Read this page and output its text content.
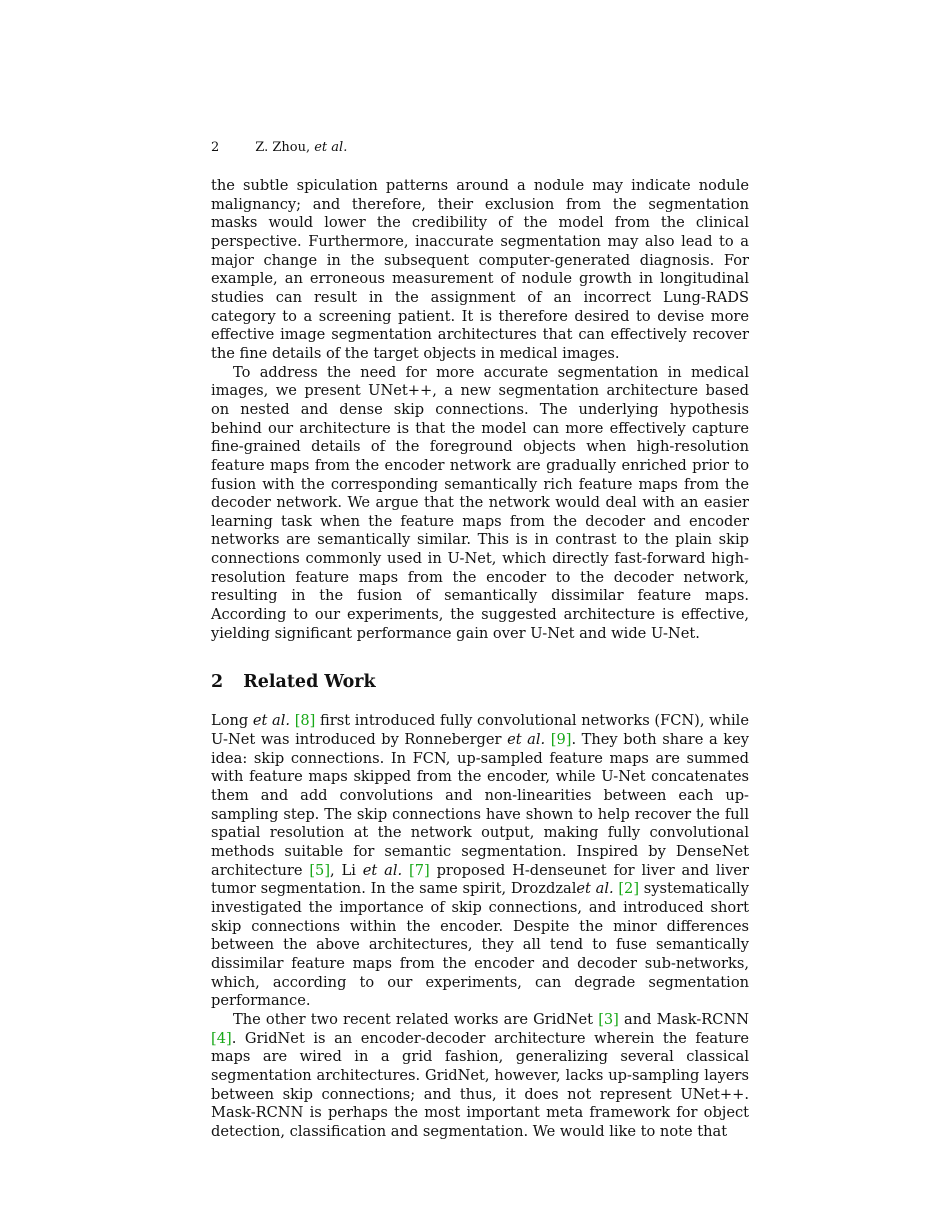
2	Z. Zhou, et al.

the subtle spiculation patterns around a nodule may indicate nodule malignancy; and therefore, their exclusion from the segmentation masks would lower the credibility of the model from the clinical perspective. Furthermore, inaccurate segmentation may also lead to a major change in the subsequent computer-generated diagnosis. For example, an erroneous measurement of nodule growth in longitudinal studies can result in the assignment of an incorrect Lung-RADS category to a screening patient. It is therefore desired to devise more effective image segmentation architectures that can effectively recover the fine details of the target objects in medical images.

To address the need for more accurate segmentation in medical images, we present UNet++, a new segmentation architecture based on nested and dense skip connections. The underlying hypothesis behind our architecture is that the model can more effectively capture fine-grained details of the foreground objects when high-resolution feature maps from the encoder network are gradually enriched prior to fusion with the corresponding semantically rich feature maps from the decoder network. We argue that the network would deal with an easier learning task when the feature maps from the decoder and encoder networks are semantically similar. This is in contrast to the plain skip connections commonly used in U-Net, which directly fast-forward high-resolution feature maps from the encoder to the decoder network, resulting in the fusion of semantically dissimilar feature maps. According to our experiments, the suggested architecture is effective, yielding significant performance gain over U-Net and wide U-Net.

2 Related Work

Long et al. [8] first introduced fully convolutional networks (FCN), while U-Net was introduced by Ronneberger et al. [9]. They both share a key idea: skip connections. In FCN, up-sampled feature maps are summed with feature maps skipped from the encoder, while U-Net concatenates them and add convolutions and non-linearities between each up-sampling step. The skip connections have shown to help recover the full spatial resolution at the network output, making fully convolutional methods suitable for semantic segmentation. Inspired by DenseNet architecture [5], Li et al. [7] proposed H-denseunet for liver and liver tumor segmentation. In the same spirit, Drozdzalet al. [2] systematically investigated the importance of skip connections, and introduced short skip connections within the encoder. Despite the minor differences between the above architectures, they all tend to fuse semantically dissimilar feature maps from the encoder and decoder sub-networks, which, according to our experiments, can degrade segmentation performance.

The other two recent related works are GridNet [3] and Mask-RCNN [4]. GridNet is an encoder-decoder architecture wherein the feature maps are wired in a grid fashion, generalizing several classical segmentation architectures. GridNet, however, lacks up-sampling layers between skip connections; and thus, it does not represent UNet++. Mask-RCNN is perhaps the most important meta framework for object detection, classification and segmentation. We would like to note that
